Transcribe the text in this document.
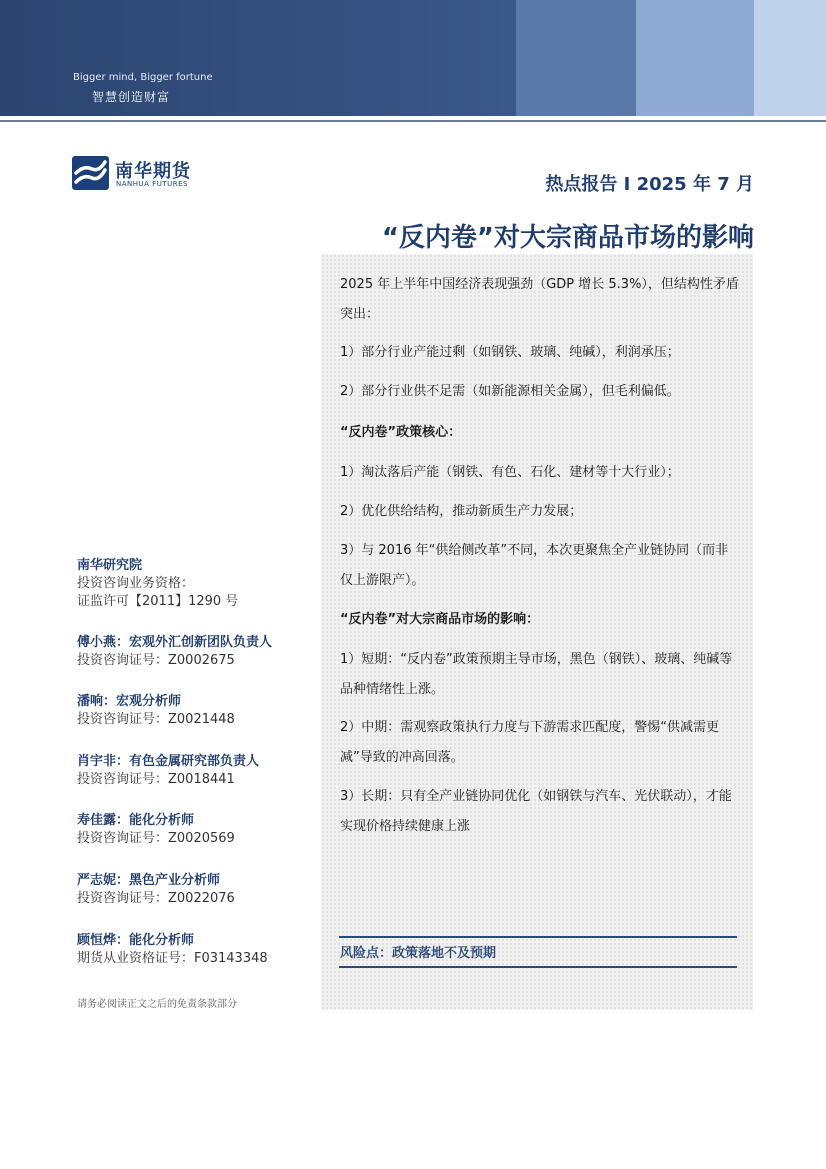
Bigger mind, Bigger fortune
智慧创造财富
南华期货
NANHUA FUTURES	热点报告 I 2025 年 7 月
“反内卷”对大宗商品市场的影响
2025 年上半年中国经济表现强劲（GDP 增长 5.3%），但结构性矛盾突出：
1）部分行业产能过剩（如钢铁、玻璃、纯碱），利润承压；
2）部分行业供不足需（如新能源相关金属），但毛利偏低。
“反内卷”政策核心：
1）淘汰落后产能（钢铁、有色、石化、建材等十大行业）；
2）优化供给结构，推动新质生产力发展；
3）与 2016 年“供给侧改革”不同，本次更聚焦全产业链协同（而非仅上游限产）。
“反内卷”对大宗商品市场的影响：
1）短期：“反内卷”政策预期主导市场，黑色（钢铁）、玻璃、纯碱等品种情绪性上涨。
2）中期：需观察政策执行力度与下游需求匹配度，警惕“供减需更减”导致的冲高回落。
3）长期：只有全产业链协同优化（如钢铁与汽车、光伏联动），才能实现价格持续健康上涨
风险点：政策落地不及预期
南华研究院
投资咨询业务资格：
证监许可【2011】1290 号
傅小燕：宏观外汇创新团队负责人
投资咨询证号：Z0002675
潘响：宏观分析师
投资咨询证号：Z0021448
肖宇非：有色金属研究部负责人
投资咨询证号：Z0018441
寿佳露：能化分析师
投资咨询证号：Z0020569
严志妮：黑色产业分析师
投资咨询证号：Z0022076
顾恒烨：能化分析师
期货从业资格证号：F03143348
请务必阅读正文之后的免责条款部分
